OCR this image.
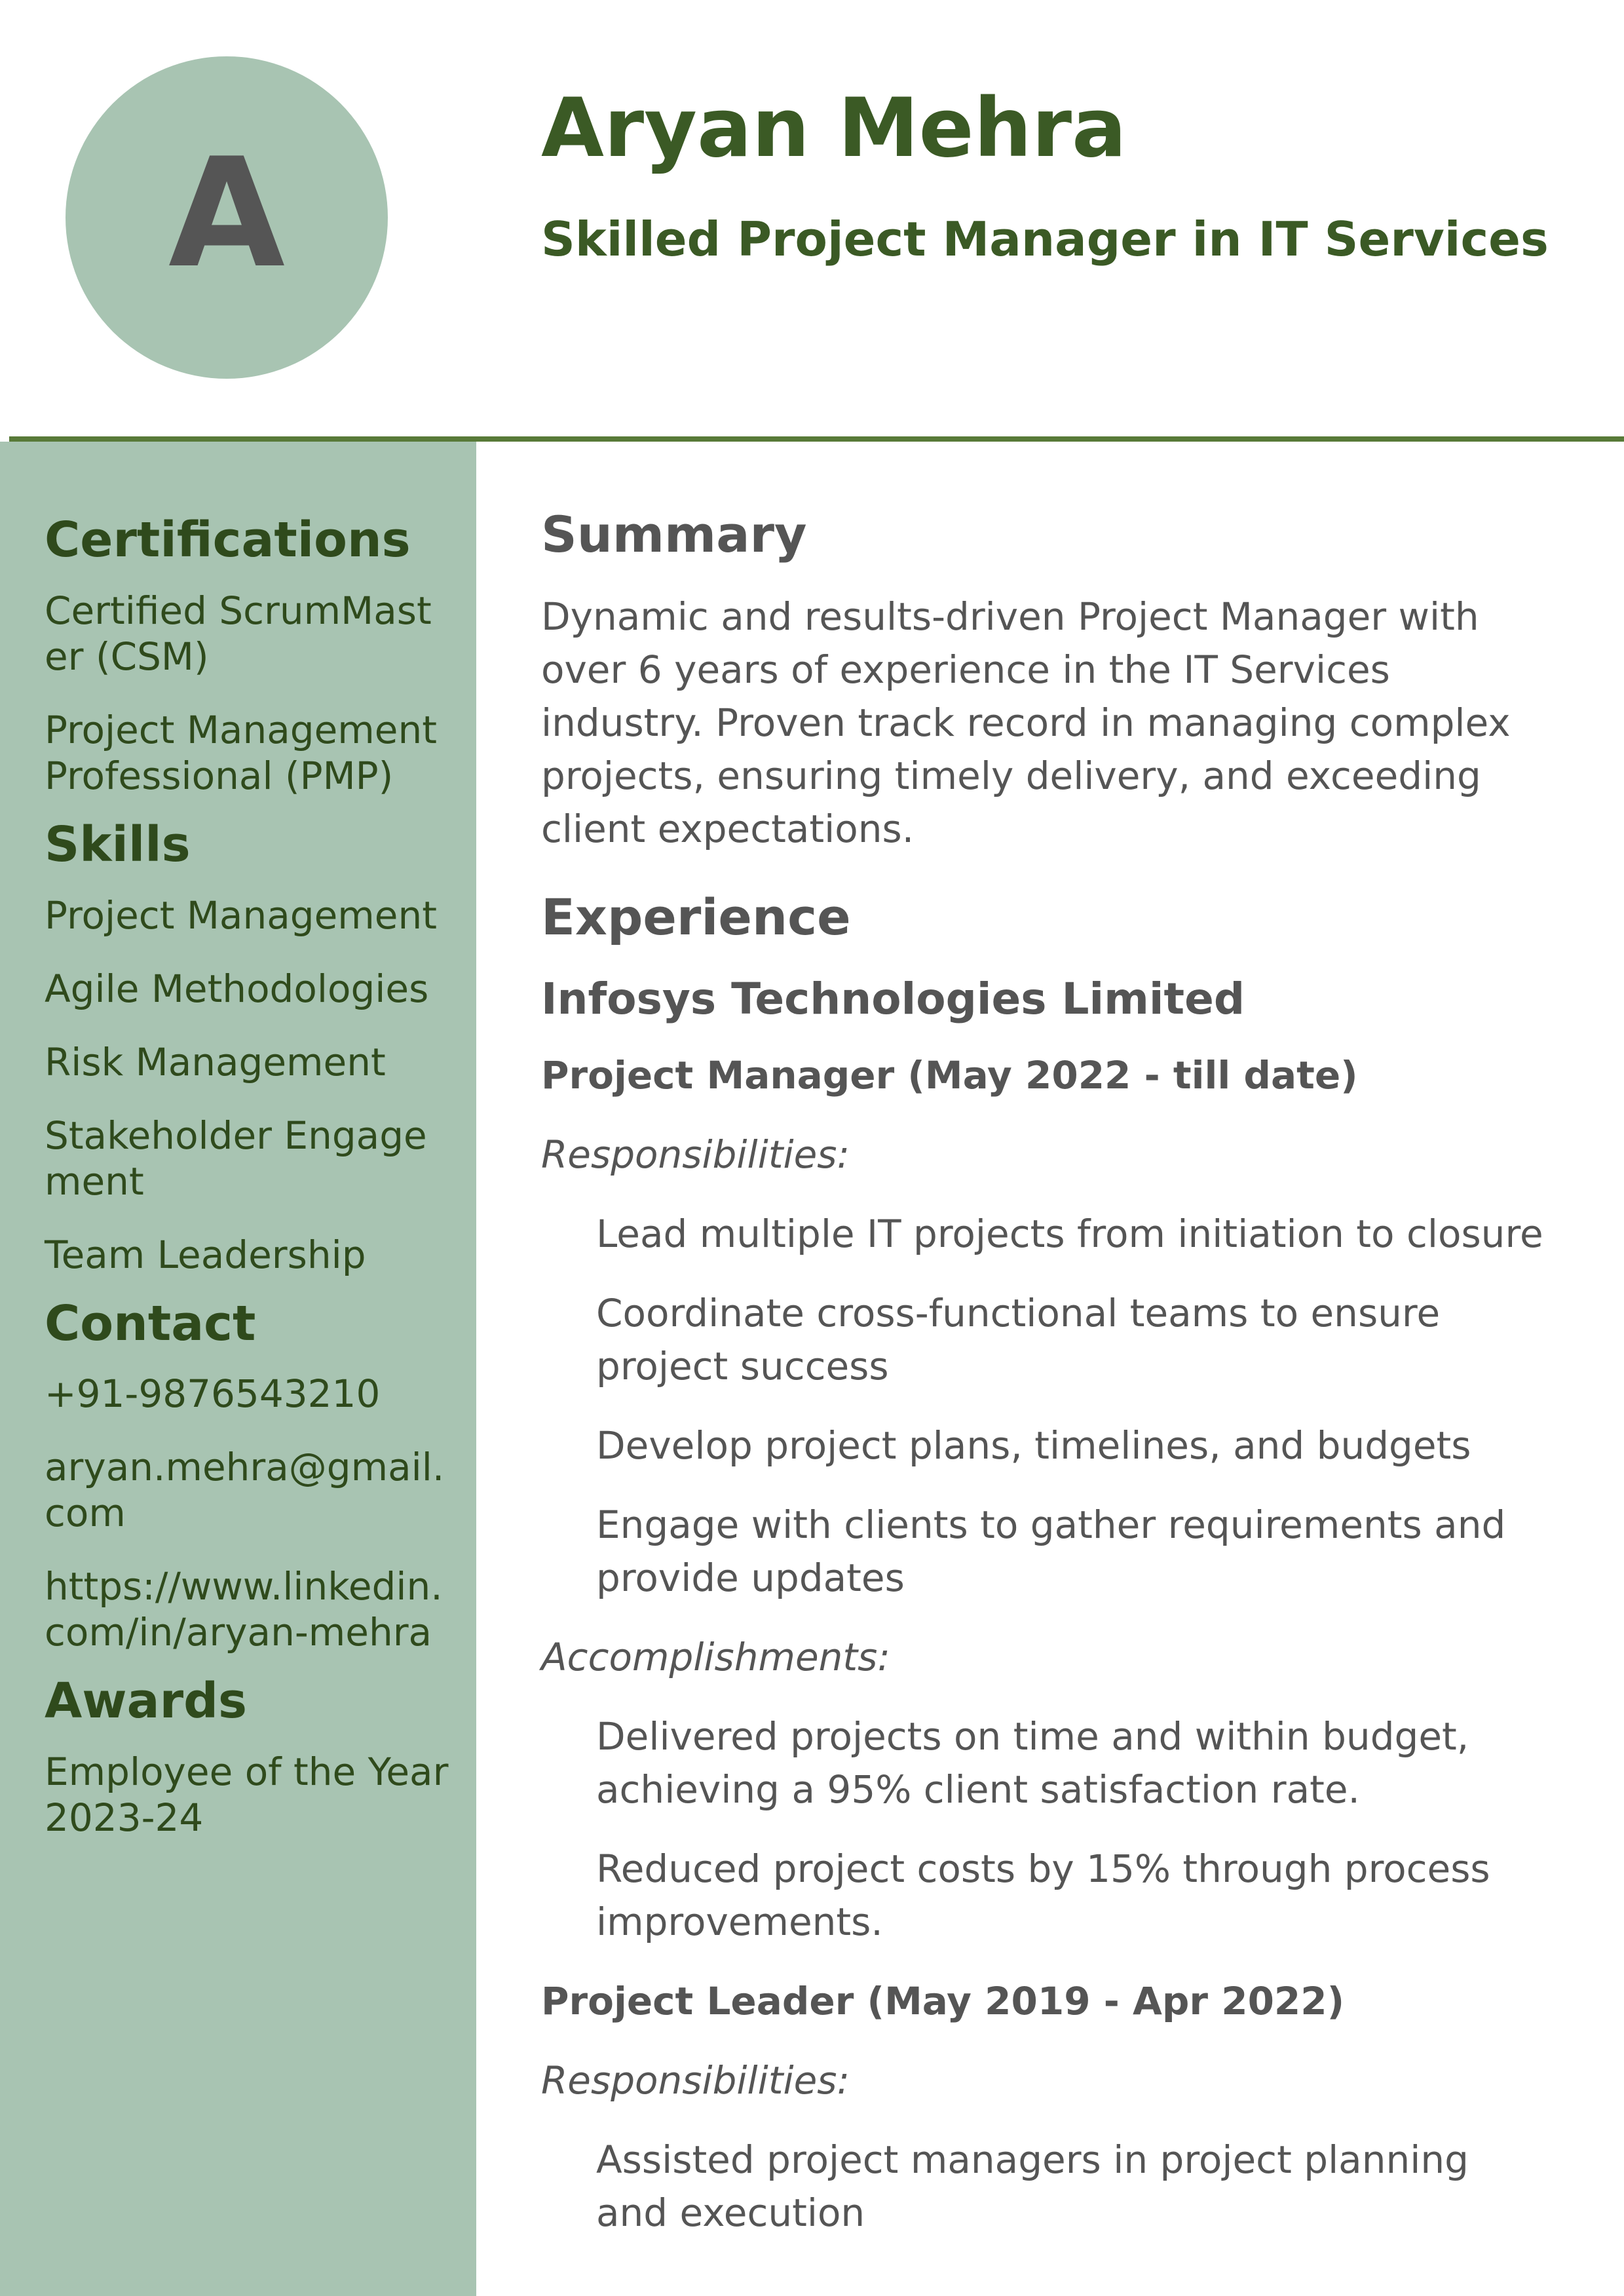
A	Aryan Mehra
Skilled Project Manager in IT Services
Certifications
Certified ScrumMaster (CSM)
Project Management Professional (PMP)
Skills
Project Management
Agile Methodologies
Risk Management
Stakeholder Engagement
Team Leadership
Contact
+91-9876543210
aryan.mehra@gmail.com
https://www.linkedin.com/in/aryan-mehra
Awards
Employee of the Year 2023-24
Summary
Dynamic and results-driven Project Manager with over 6 years of experience in the IT Services industry. Proven track record in managing complex projects, ensuring timely delivery, and exceeding client expectations.
Experience
Infosys Technologies Limited
Project Manager (May 2022 - till date)
Responsibilities:
Lead multiple IT projects from initiation to closure
Coordinate cross-functional teams to ensure project success
Develop project plans, timelines, and budgets
Engage with clients to gather requirements and provide updates
Accomplishments:
Delivered projects on time and within budget, achieving a 95% client satisfaction rate.
Reduced project costs by 15% through process improvements.
Project Leader (May 2019 - Apr 2022)
Responsibilities:
Assisted project managers in project planning and execution
